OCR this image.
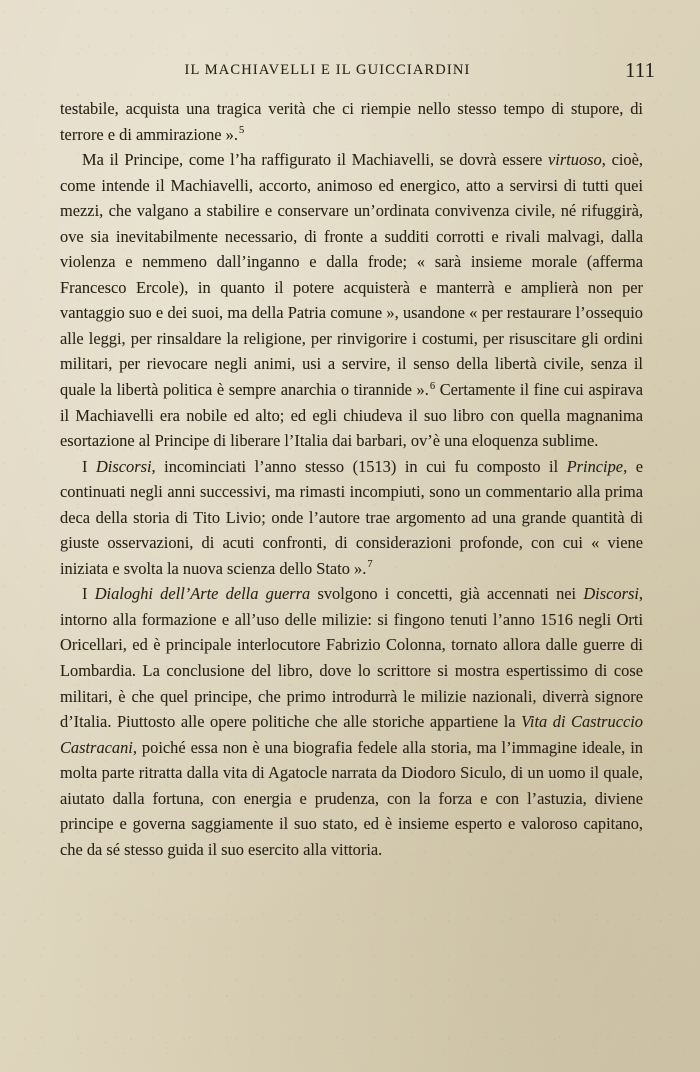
IL MACHIAVELLI E IL GUICCIARDINI	111

testabile, acquista una tragica verità che ci riempie nello stesso tempo di stupore, di terrore e di ammirazione ».$^5$

Ma il Principe, come l’ha raffigurato il Machiavelli, se dovrà essere virtuoso, cioè, come intende il Machiavelli, accorto, animoso ed energico, atto a servirsi di tutti quei mezzi, che valgano a stabilire e conservare un’ordinata convivenza civile, né rifuggirà, ove sia inevitabilmente necessario, di fronte a sudditi corrotti e rivali malvagi, dalla violenza e nemmeno dall’inganno e dalla frode; « sarà insieme morale (afferma Francesco Ercole), in quanto il potere acquisterà e manterrà e amplierà non per vantaggio suo e dei suoi, ma della Patria comune », usandone « per restaurare l’ossequio alle leggi, per rinsaldare la religione, per rinvigorire i costumi, per risuscitare gli ordini militari, per rievocare negli animi, usi a servire, il senso della libertà civile, senza il quale la libertà politica è sempre anarchia o tirannide ».$^6$ Certamente il fine cui aspirava il Machiavelli era nobile ed alto; ed egli chiudeva il suo libro con quella magnanima esortazione al Principe di liberare l’Italia dai barbari, ov’è una eloquenza sublime.

I Discorsi, incominciati l’anno stesso (1513) in cui fu composto il Principe, e continuati negli anni successivi, ma rimasti incompiuti, sono un commentario alla prima deca della storia di Tito Livio; onde l’autore trae argomento ad una grande quantità di giuste osservazioni, di acuti confronti, di considerazioni profonde, con cui « viene iniziata e svolta la nuova scienza dello Stato ».$^7$

I Dialoghi dell’Arte della guerra svolgono i concetti, già accennati nei Discorsi, intorno alla formazione e all’uso delle milizie: si fingono tenuti l’anno 1516 negli Orti Oricellari, ed è principale interlocutore Fabrizio Colonna, tornato allora dalle guerre di Lombardia. La conclusione del libro, dove lo scrittore si mostra espertissimo di cose militari, è che quel principe, che primo introdurrà le milizie nazionali, diverrà signore d’Italia. Piuttosto alle opere politiche che alle storiche appartiene la Vita di Castruccio Castracani, poiché essa non è una biografia fedele alla storia, ma l’immagine ideale, in molta parte ritratta dalla vita di Agatocle narrata da Diodoro Siculo, di un uomo il quale, aiutato dalla fortuna, con energia e prudenza, con la forza e con l’astuzia, diviene principe e governa saggiamente il suo stato, ed è insieme esperto e valoroso capitano, che da sé stesso guida il suo esercito alla vittoria.
